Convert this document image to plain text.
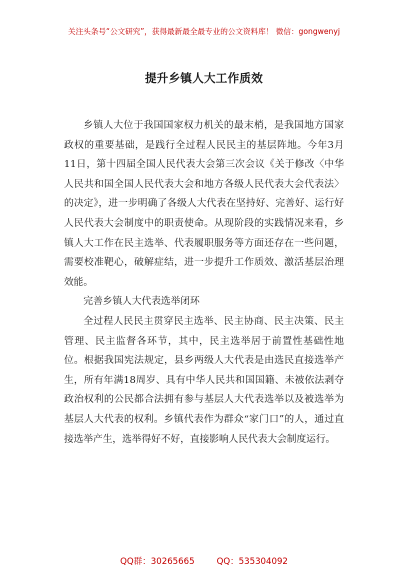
关注头条号“公文研究”，获得最新最全最专业的公文资料库！ 微信：gongwenyj
提升乡镇人大工作质效

乡镇人大位于我国国家权力机关的最末梢，是我国地方国家政权的重要基础，是践行全过程人民民主的基层阵地。今年3月11日，第十四届全国人民代表大会第三次会议《关于修改〈中华人民共和国全国人民代表大会和地方各级人民代表大会代表法〉的决定》，进一步明确了各级人大代表在坚持好、完善好、运行好人民代表大会制度中的职责使命。从现阶段的实践情况来看，乡镇人大工作在民主选举、代表履职服务等方面还存在一些问题，需要校准靶心，破解症结，进一步提升工作质效、激活基层治理效能。

完善乡镇人大代表选举闭环

全过程人民民主贯穿民主选举、民主协商、民主决策、民主管理、民主监督各环节，其中，民主选举居于前置性基础性地位。根据我国宪法规定，县乡两级人大代表是由选民直接选举产生，所有年满18周岁、具有中华人民共和国国籍、未被依法剥夺政治权利的公民都合法拥有参与基层人大代表选举以及被选举为基层人大代表的权利。乡镇代表作为群众“家门口”的人，通过直接选举产生，选举得好不好，直接影响人民代表大会制度运行。

QQ群：30265665	QQ：535304092
